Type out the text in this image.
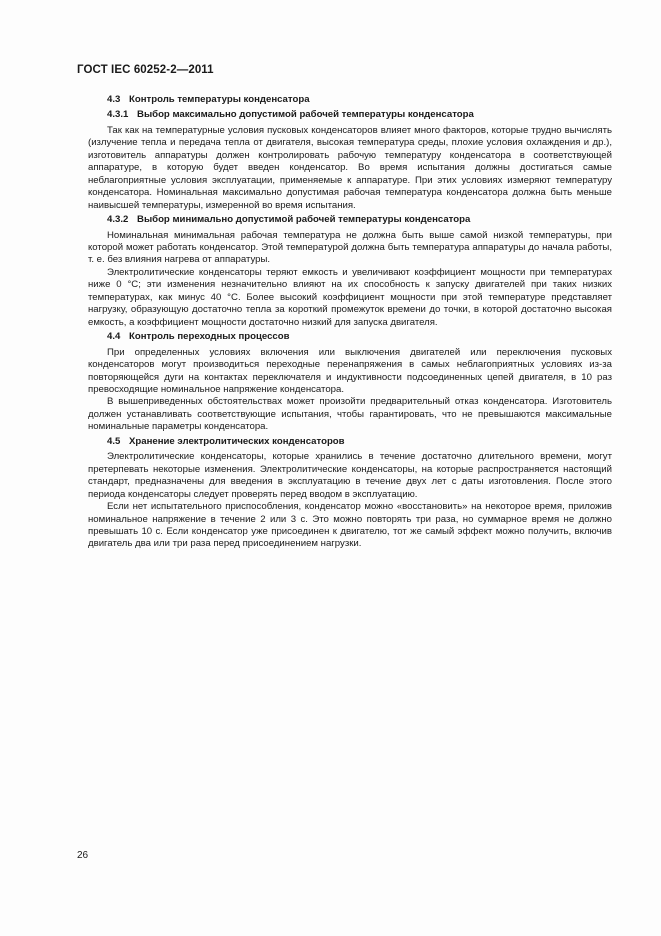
ГОСТ IEC 60252-2—2011
4.3 Контроль температуры конденсатора
4.3.1 Выбор максимально допустимой рабочей температуры конденсатора

Так как на температурные условия пусковых конденсаторов влияет много факторов, которые трудно вычислять (излучение тепла и передача тепла от двигателя, высокая температура среды, плохие условия охлаждения и др.), изготовитель аппаратуры должен контролировать рабочую температуру конденсатора в соответствующей аппаратуре, в которую будет введен конденсатор. Во время испытания должны достигаться самые неблагоприятные условия эксплуатации, применяемые к аппаратуре. При этих условиях измеряют температуру конденсатора. Номинальная максимально допустимая рабочая температура конденсатора должна быть меньше наивысшей температуры, измеренной во время испытания.

4.3.2 Выбор минимально допустимой рабочей температуры конденсатора

Номинальная минимальная рабочая температура не должна быть выше самой низкой температуры, при которой может работать конденсатор. Этой температурой должна быть температура аппаратуры до начала работы, т. е. без влияния нагрева от аппаратуры.

Электролитические конденсаторы теряют емкость и увеличивают коэффициент мощности при температурах ниже 0 °С; эти изменения незначительно влияют на их способность к запуску двигателей при таких низких температурах, как минус 40 °С. Более высокий коэффициент мощности при этой температуре представляет нагрузку, образующую достаточно тепла за короткий промежуток времени до точки, в которой достаточно высокая емкость, а коэффициент мощности достаточно низкий для запуска двигателя.

4.4 Контроль переходных процессов

При определенных условиях включения или выключения двигателей или переключения пусковых конденсаторов могут производиться переходные перенапряжения в самых неблагоприятных условиях из-за повторяющейся дуги на контактах переключателя и индуктивности подсоединенных цепей двигателя, в 10 раз превосходящие номинальное напряжение конденсатора.

В вышеприведенных обстоятельствах может произойти предварительный отказ конденсатора. Изготовитель должен устанавливать соответствующие испытания, чтобы гарантировать, что не превышаются максимальные номинальные параметры конденсатора.

4.5 Хранение электролитических конденсаторов

Электролитические конденсаторы, которые хранились в течение достаточно длительного времени, могут претерпевать некоторые изменения. Электролитические конденсаторы, на которые распространяется настоящий стандарт, предназначены для введения в эксплуатацию в течение двух лет с даты изготовления. После этого периода конденсаторы следует проверять перед вводом в эксплуатацию.

Если нет испытательного приспособления, конденсатор можно «восстановить» на некоторое время, приложив номинальное напряжение в течение 2 или 3 с. Это можно повторять три раза, но суммарное время не должно превышать 10 с. Если конденсатор уже присоединен к двигателю, тот же самый эффект можно получить, включив двигатель два или три раза перед присоединением нагрузки.

26
